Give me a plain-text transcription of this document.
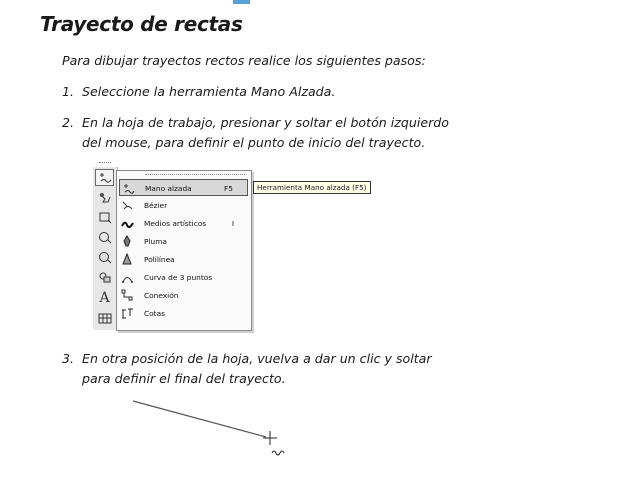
Trayecto de rectas
Para dibujar trayectos rectos realice los siguientes pasos:
1. Seleccione la herramienta Mano Alzada.
2. En la hoja de trabajo, presionar y soltar el botón izquierdo
del mouse, para definir el punto de inicio del trayecto.
A
Mano alzada	F5
Bézier
Medios artísticos	I
Pluma
Polilínea
Curva de 3 puntos
Conexión
Cotas
Herramienta Mano alzada (F5)
3. En otra posición de la hoja, vuelva a dar un clic y soltar
para definir el final del trayecto.
